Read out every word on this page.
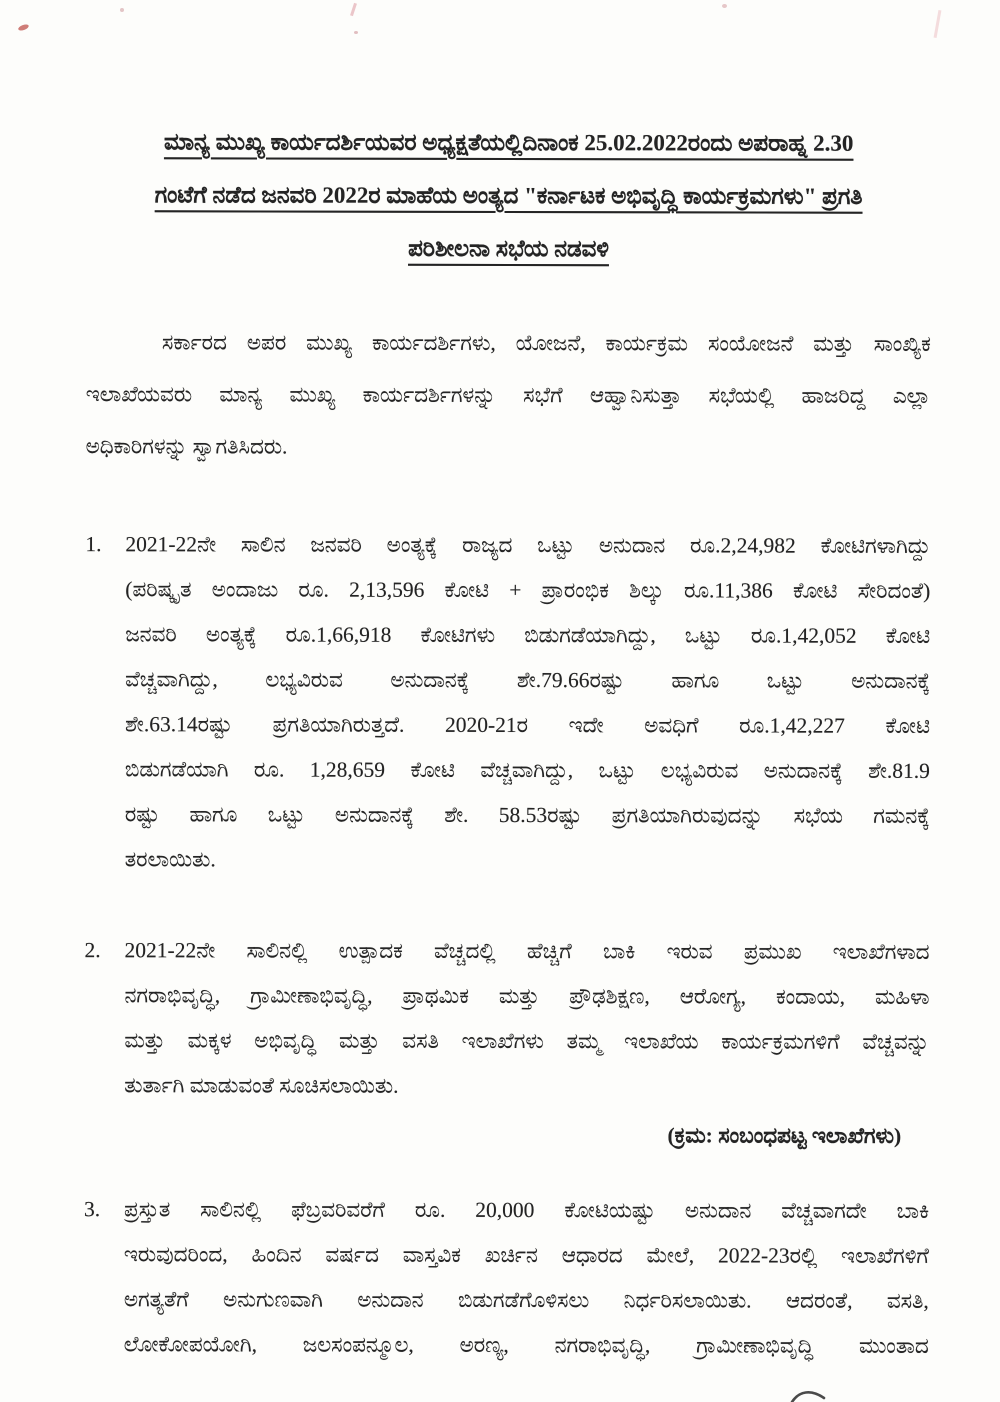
ಮಾನ್ಯ ಮುಖ್ಯ ಕಾರ್ಯದರ್ಶಿಯವರ ಅಧ್ಯಕ್ಷತೆಯಲ್ಲಿದಿನಾಂಕ 25.02.2022ರಂದು ಅಪರಾಹ್ನ 2.30
ಗಂಟೆಗೆ ನಡೆದ ಜನವರಿ 2022ರ ಮಾಹೆಯ ಅಂತ್ಯದ "ಕರ್ನಾಟಕ ಅಭಿವೃದ್ಧಿ ಕಾರ್ಯಕ್ರಮಗಳು" ಪ್ರಗತಿ
ಪರಿಶೀಲನಾ ಸಭೆಯ ನಡವಳಿ
ಸರ್ಕಾರದ ಅಪರ ಮುಖ್ಯ ಕಾರ್ಯದರ್ಶಿಗಳು, ಯೋಜನೆ, ಕಾರ್ಯಕ್ರಮ ಸಂಯೋಜನೆ ಮತ್ತು ಸಾಂಖ್ಯಿಕ
ಇಲಾಖೆಯವರು ಮಾನ್ಯ ಮುಖ್ಯ ಕಾರ್ಯದರ್ಶಿಗಳನ್ನು ಸಭೆಗೆ ಆಹ್ವಾನಿಸುತ್ತಾ ಸಭೆಯಲ್ಲಿ ಹಾಜರಿದ್ದ ಎಲ್ಲಾ
ಅಧಿಕಾರಿಗಳನ್ನು ಸ್ವಾಗತಿಸಿದರು.
1.	2021-22ನೇ ಸಾಲಿನ ಜನವರಿ ಅಂತ್ಯಕ್ಕೆ ರಾಜ್ಯದ ಒಟ್ಟು ಅನುದಾನ ರೂ.2,24,982 ಕೋಟಿಗಳಾಗಿದ್ದು
(ಪರಿಷ್ಕೃತ ಅಂದಾಜು ರೂ. 2,13,596 ಕೋಟಿ + ಪ್ರಾರಂಭಿಕ ಶಿಲ್ಕು ರೂ.11,386 ಕೋಟಿ ಸೇರಿದಂತೆ)
ಜನವರಿ ಅಂತ್ಯಕ್ಕೆ ರೂ.1,66,918 ಕೋಟಿಗಳು ಬಿಡುಗಡೆಯಾಗಿದ್ದು, ಒಟ್ಟು ರೂ.1,42,052 ಕೋಟಿ
ವೆಚ್ಚವಾಗಿದ್ದು, ಲಭ್ಯವಿರುವ ಅನುದಾನಕ್ಕೆ ಶೇ.79.66ರಷ್ಟು ಹಾಗೂ ಒಟ್ಟು ಅನುದಾನಕ್ಕೆ
ಶೇ.63.14ರಷ್ಟು ಪ್ರಗತಿಯಾಗಿರುತ್ತದೆ. 2020-21ರ ಇದೇ ಅವಧಿಗೆ ರೂ.1,42,227 ಕೋಟಿ
ಬಿಡುಗಡೆಯಾಗಿ ರೂ. 1,28,659 ಕೋಟಿ ವೆಚ್ಚವಾಗಿದ್ದು, ಒಟ್ಟು ಲಭ್ಯವಿರುವ ಅನುದಾನಕ್ಕೆ ಶೇ.81.9
ರಷ್ಟು ಹಾಗೂ ಒಟ್ಟು ಅನುದಾನಕ್ಕೆ ಶೇ. 58.53ರಷ್ಟು ಪ್ರಗತಿಯಾಗಿರುವುದನ್ನು ಸಭೆಯ ಗಮನಕ್ಕೆ
ತರಲಾಯಿತು.
2.	2021-22ನೇ ಸಾಲಿನಲ್ಲಿ ಉತ್ಪಾದಕ ವೆಚ್ಚದಲ್ಲಿ ಹೆಚ್ಚಿಗೆ ಬಾಕಿ ಇರುವ ಪ್ರಮುಖ ಇಲಾಖೆಗಳಾದ
ನಗರಾಭಿವೃದ್ಧಿ, ಗ್ರಾಮೀಣಾಭಿವೃದ್ಧಿ, ಪ್ರಾಥಮಿಕ ಮತ್ತು ಪ್ರೌಢಶಿಕ್ಷಣ, ಆರೋಗ್ಯ, ಕಂದಾಯ, ಮಹಿಳಾ
ಮತ್ತು ಮಕ್ಕಳ ಅಭಿವೃದ್ಧಿ ಮತ್ತು ವಸತಿ ಇಲಾಖೆಗಳು ತಮ್ಮ ಇಲಾಖೆಯ ಕಾರ್ಯಕ್ರಮಗಳಿಗೆ ವೆಚ್ಚವನ್ನು
ತುರ್ತಾಗಿ ಮಾಡುವಂತೆ ಸೂಚಿಸಲಾಯಿತು.
(ಕ್ರಮ: ಸಂಬಂಧಪಟ್ಟ ಇಲಾಖೆಗಳು)
3.	ಪ್ರಸ್ತುತ ಸಾಲಿನಲ್ಲಿ ಫೆಬ್ರವರಿವರೆಗೆ ರೂ. 20,000 ಕೋಟಿಯಷ್ಟು ಅನುದಾನ ವೆಚ್ಚವಾಗದೇ ಬಾಕಿ
ಇರುವುದರಿಂದ, ಹಿಂದಿನ ವರ್ಷದ ವಾಸ್ತವಿಕ ಖರ್ಚಿನ ಆಧಾರದ ಮೇಲೆ, 2022-23ರಲ್ಲಿ ಇಲಾಖೆಗಳಿಗೆ
ಅಗತ್ಯತೆಗೆ ಅನುಗುಣವಾಗಿ ಅನುದಾನ ಬಿಡುಗಡೆಗೊಳಿಸಲು ನಿರ್ಧರಿಸಲಾಯಿತು. ಆದರಂತೆ, ವಸತಿ,
ಲೋಕೋಪಯೋಗಿ, ಜಲಸಂಪನ್ಮೂಲ, ಅರಣ್ಯ, ನಗರಾಭಿವೃದ್ಧಿ, ಗ್ರಾಮೀಣಾಭಿವೃದ್ಧಿ ಮುಂತಾದ
